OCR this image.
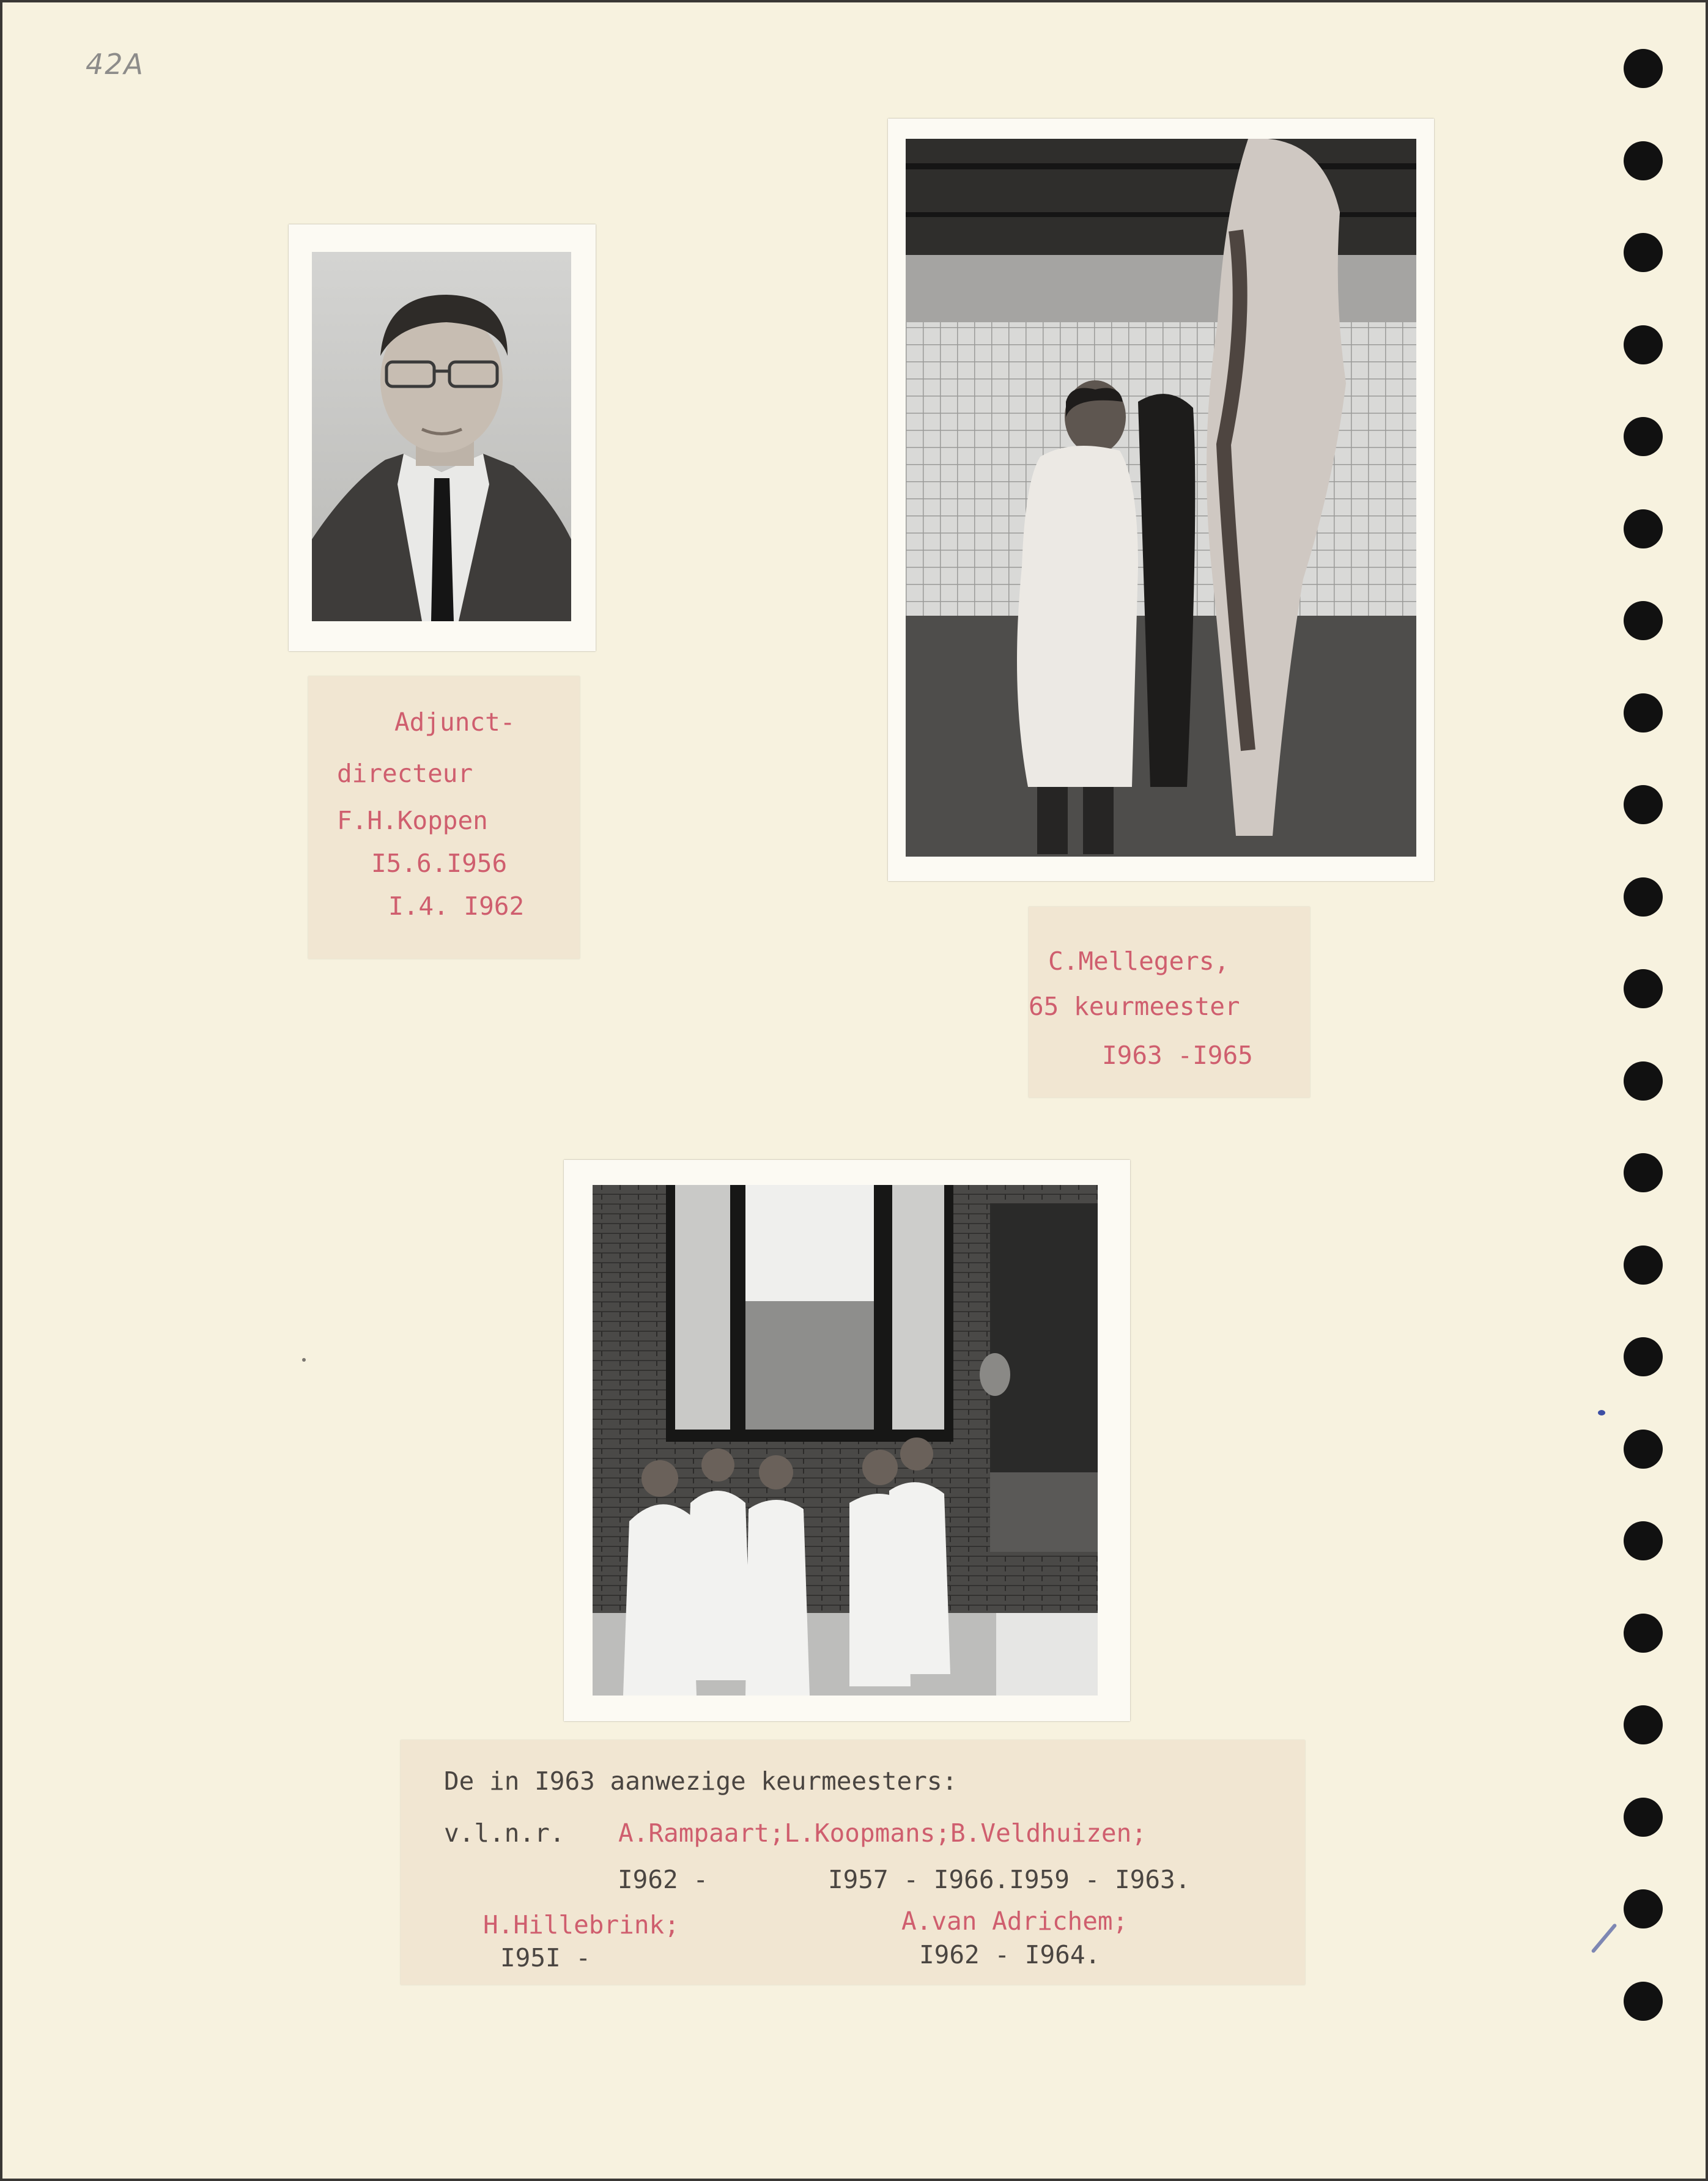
42A
Adjunct-
directeur
F.H.Koppen
I5.6.I956
I.4. I962
C.Mellegers,
65 keurmeester
I963 -I965
De in I963 aanwezige keurmeesters:
v.l.n.r. A.Rampaart;L.Koopmans;B.Veldhuizen;
I962 -	I957 - I966.I959 - I963.
H.Hillebrink;	A.van Adrichem;
I95I -	I962 - I964.
